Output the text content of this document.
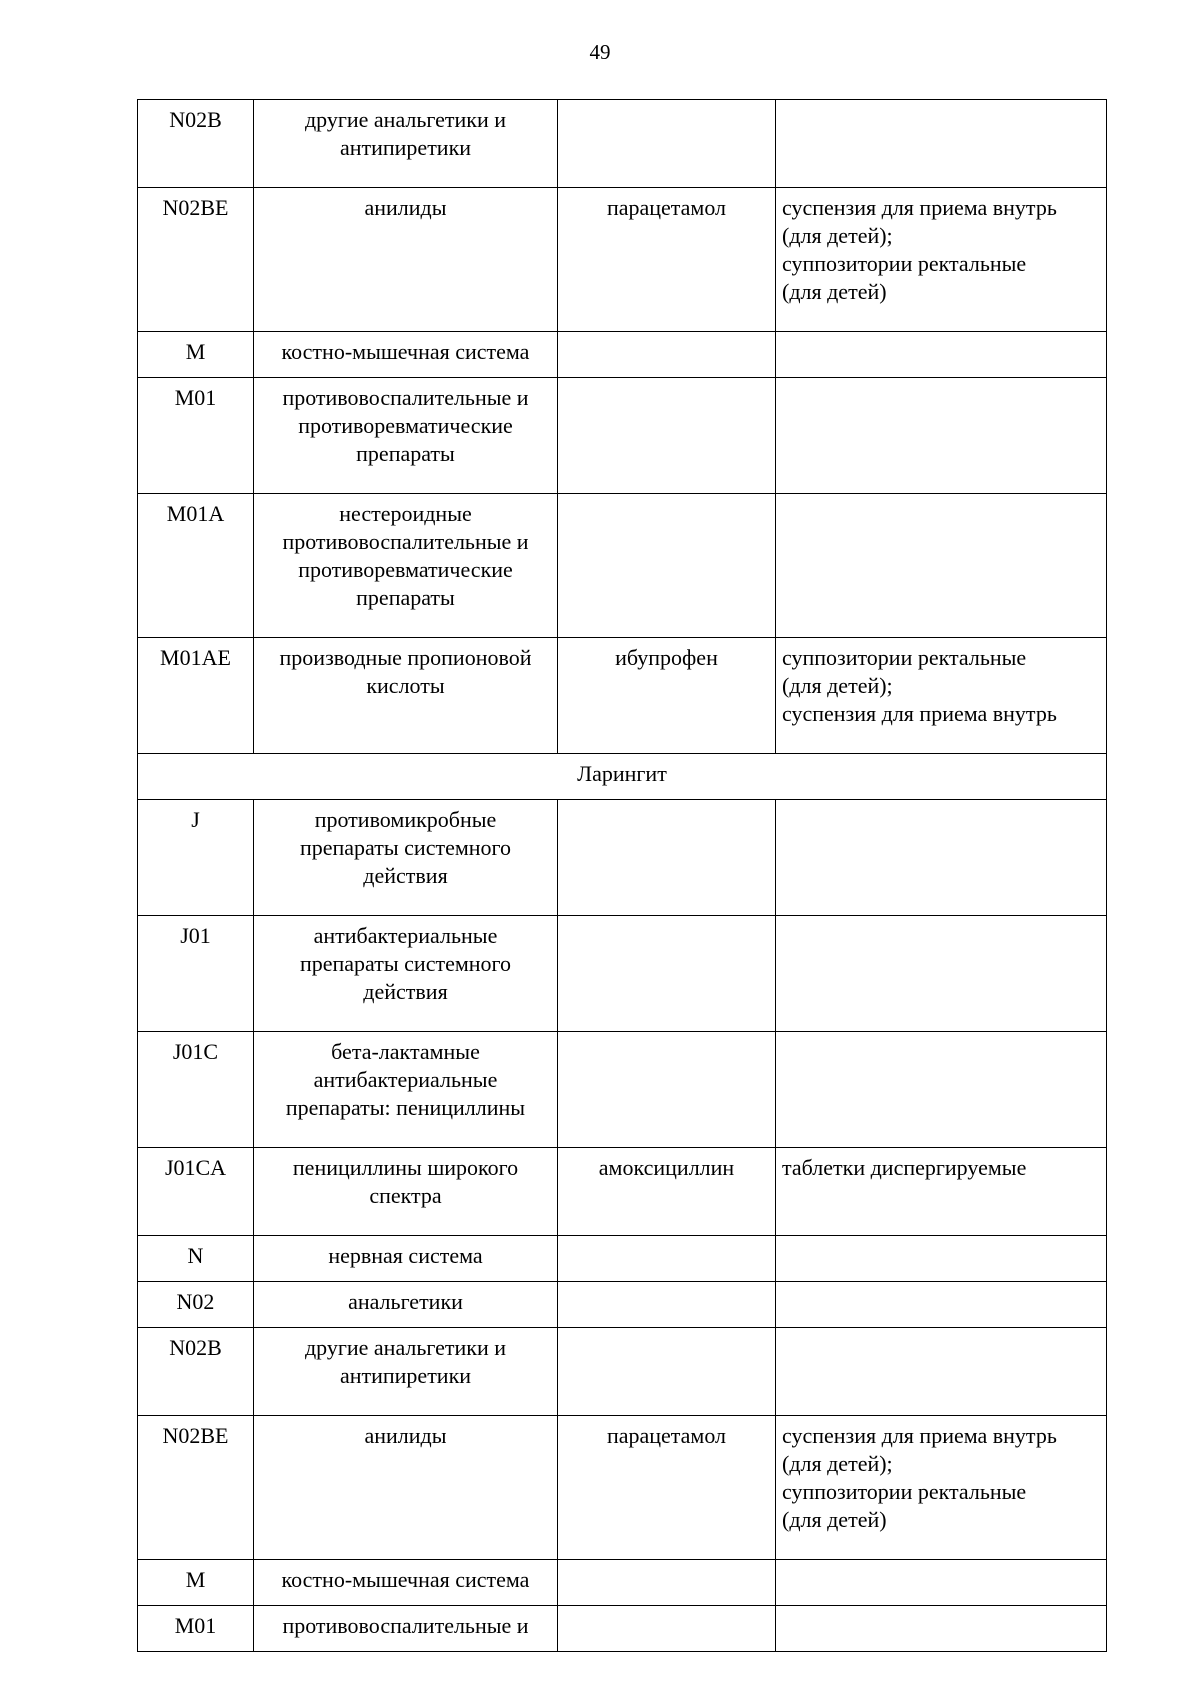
49
N02B	другие анальгетики и
антипиретики		

N02BE	анилиды	парацетамол	суспензия для приема внутрь
(для детей);
суппозитории ректальные
(для детей)

M	костно-мышечная система		

M01	противовоспалительные и
противоревматические
препараты		

M01A	нестероидные
противовоспалительные и
противоревматические
препараты		

M01AE	производные пропионовой
кислоты	ибупрофен	суппозитории ректальные
(для детей);
суспензия для приема внутрь

Ларингит			
J	противомикробные
препараты системного
действия		

J01	антибактериальные
препараты системного
действия		

J01C	бета-лактамные
антибактериальные
препараты: пенициллины		

J01CA	пенициллины широкого
спектра	амоксициллин	таблетки диспергируемые

N	нервная система		

N02	анальгетики		

N02B	другие анальгетики и
антипиретики		

N02BE	анилиды	парацетамол	суспензия для приема внутрь
(для детей);
суппозитории ректальные
(для детей)

M	костно-мышечная система		

M01	противовоспалительные и		
